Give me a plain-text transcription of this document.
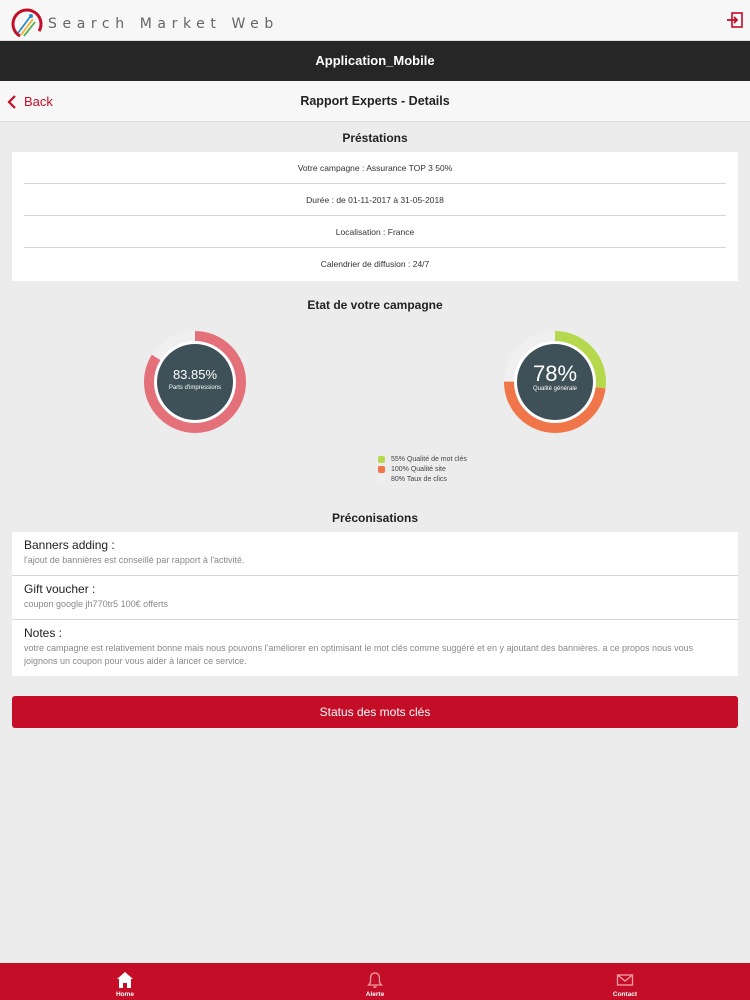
Search Market Web
Application_Mobile
Back	Rapport Experts - Details
Préstations
Votre campagne : Assurance TOP 3 50%
Durée : de 01-11-2017 à 31-05-2018
Localisation : France
Calendrier de diffusion : 24/7
Etat de votre campagne
83.85%
Parts d'impressions
78%
Qualité générale
55% Qualité de mot clés
100% Qualité site
80% Taux de clics
Préconisations
Banners adding :
l'ajout de bannières est conseillé par rapport à l'activité.
Gift voucher :
coupon google jh770tr5 100€ offerts
Notes :
votre campagne est relativement bonne mais nous pouvons l'améliorer en optimisant le mot clés comme suggéré et en y ajoutant des bannières. a ce propos nous vous joignons un coupon pour vous aider à lancer ce service.
Status des mots clés
Home	Alerte	Contact
